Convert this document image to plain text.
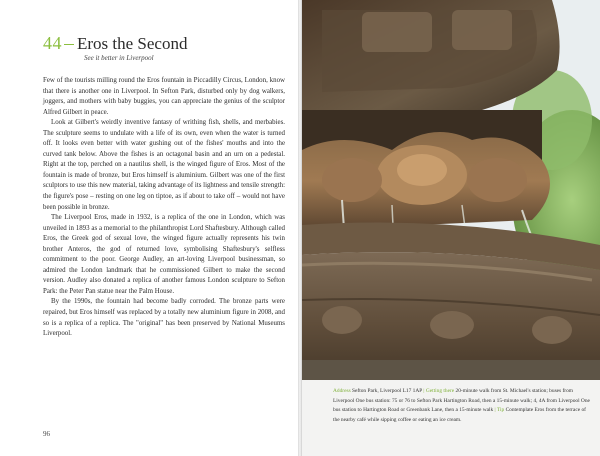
44 Eros the Second
See it better in Liverpool

Few of the tourists milling round the Eros fountain in Piccadilly Circus, London, know that there is another one in Liverpool. In Sefton Park, disturbed only by dog walkers, joggers, and mothers with baby buggies, you can appreciate the genius of the sculptor Alfred Gilbert in peace.

Look at Gilbert's weirdly inventive fantasy of writhing fish, shells, and merbabies. The sculpture seems to undulate with a life of its own, even when the water is turned off. It looks even better with water gushing out of the fishes' mouths and into the curved tank below. Above the fishes is an octagonal basin and an urn on a pedestal. Right at the top, perched on a nautilus shell, is the winged figure of Eros. Most of the fountain is made of bronze, but Eros himself is aluminium. Gilbert was one of the first sculptors to use this new material, taking advantage of its lightness and tensile strength: the figure's pose – resting on one leg on tiptoe, as if about to take off – would not have been possible in bronze.

The Liverpool Eros, made in 1932, is a replica of the one in London, which was unveiled in 1893 as a memorial to the philanthropist Lord Shaftesbury. Although called Eros, the Greek god of sexual love, the winged figure actually represents his twin brother Anteros, the god of returned love, symbolising Shaftesbury's selfless commitment to the poor. George Audley, an art-loving Liverpool businessman, so admired the London landmark that he commissioned Gilbert to make the second version. Audley also donated a replica of another famous London sculpture to Sefton Park: the Peter Pan statue near the Palm House.

By the 1990s, the fountain had become badly corroded. The bronze parts were repaired, but Eros himself was replaced by a totally new aluminium figure in 2008, and so is a replica of a replica. The "original" has been preserved by National Museums Liverpool.

96
Address Sefton Park, Liverpool L17 1AP | Getting there 20-minute walk from St. Michael's station; buses from Liverpool One bus station: 75 or 76 to Sefton Park Hartington Road, then a 15-minute walk; 4, 4A from Liverpool One bus station to Hartington Road or Greenbank Lane, then a 15-minute walk | Tip Contemplate Eros from the terrace of the nearby café while sipping coffee or eating an ice cream.
